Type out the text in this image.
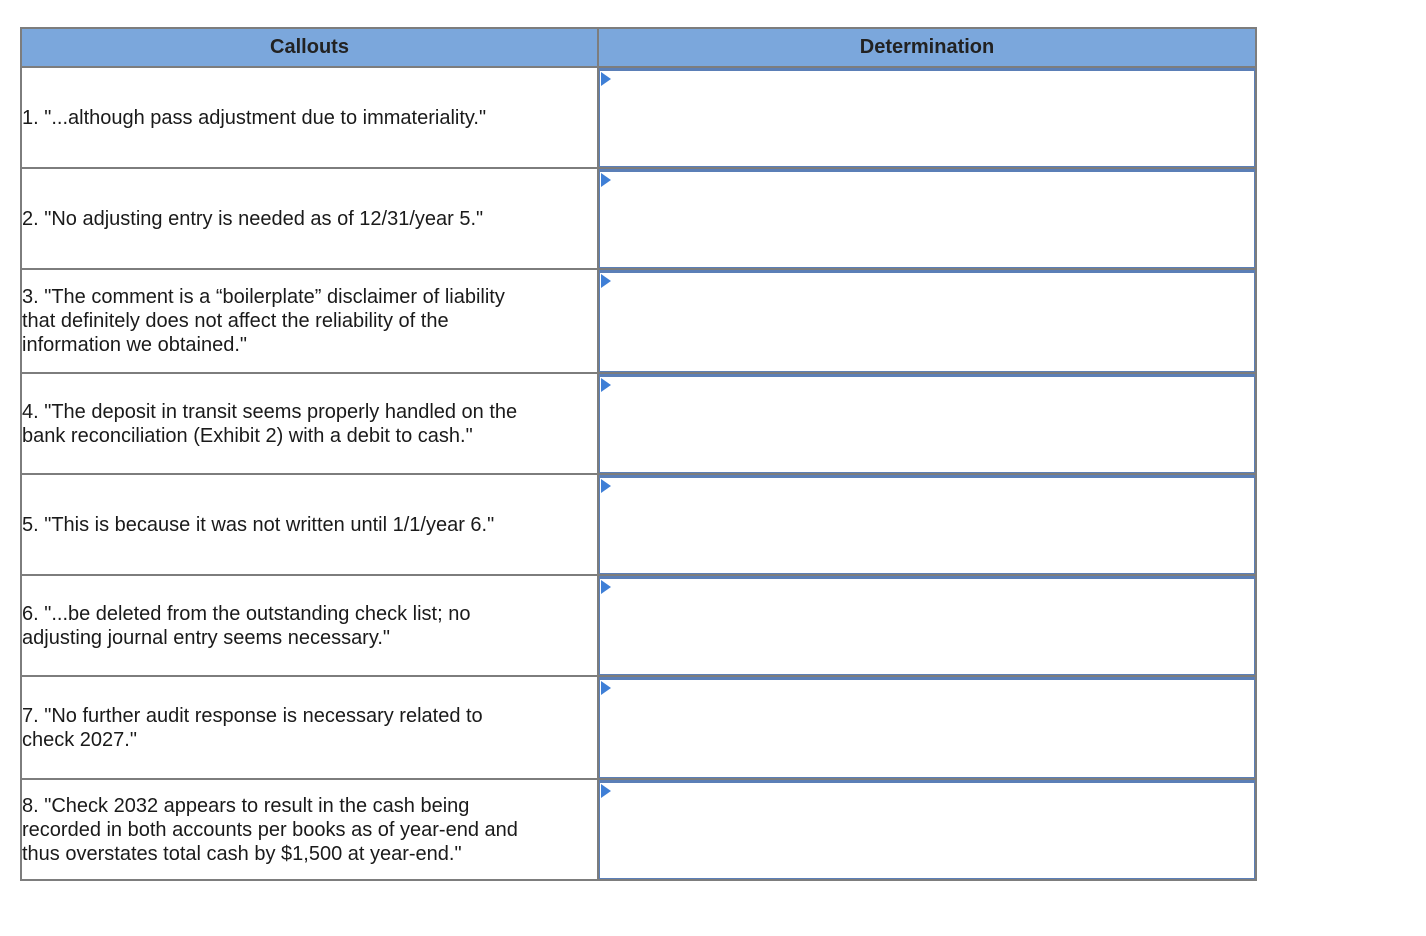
Callouts	Determination
1. "...although pass adjustment due to immateriality."	

2. "No adjusting entry is needed as of 12/31/year 5."	

3. "The comment is a “boilerplate” disclaimer of liability
that definitely does not affect the reliability of the
information we obtained."	

4. "The deposit in transit seems properly handled on the
bank reconciliation (Exhibit 2) with a debit to cash."	

5. "This is because it was not written until 1/1/year 6."	

6. "...be deleted from the outstanding check list; no
adjusting journal entry seems necessary."	

7. "No further audit response is necessary related to
check 2027."	

8. "Check 2032 appears to result in the cash being
recorded in both accounts per books as of year-end and
thus overstates total cash by $1,500 at year-end."	
